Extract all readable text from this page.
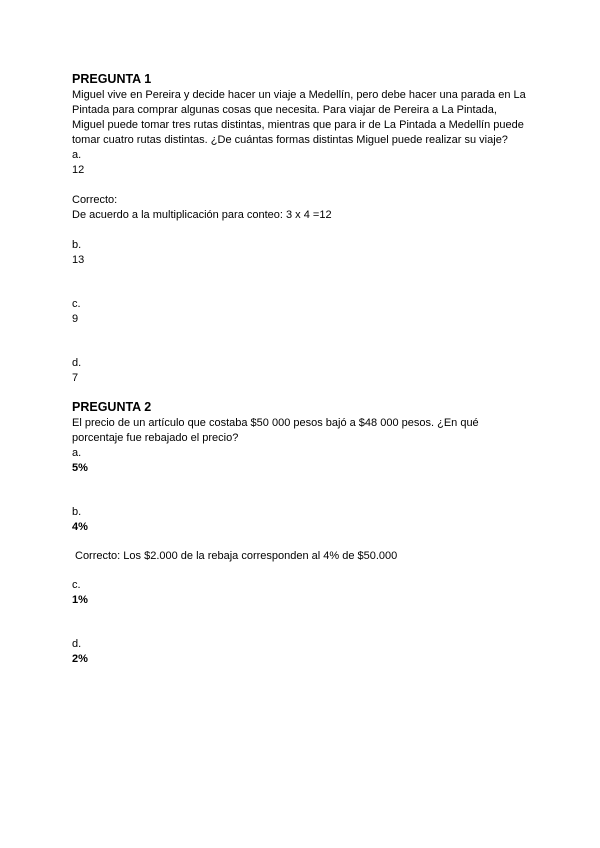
PREGUNTA 1

Miguel vive en Pereira y decide hacer un viaje a Medellín, pero debe hacer una parada en La Pintada para comprar algunas cosas que necesita. Para viajar de Pereira a La Pintada, Miguel puede tomar tres rutas distintas, mientras que para ir de La Pintada a Medellín puede tomar cuatro rutas distintas. ¿De cuántas formas distintas Miguel puede realizar su viaje?

a.

12

Correcto:

De acuerdo a la multiplicación para conteo: 3 x 4 =12

b.

13

c.

9

d.

7

PREGUNTA 2

El precio de un artículo que costaba $50 000 pesos bajó a $48 000 pesos. ¿En qué porcentaje fue rebajado el precio?

a.

5%

b.

4%

Correcto: Los $2.000 de la rebaja corresponden al 4% de $50.000

c.

1%

d.

2%
